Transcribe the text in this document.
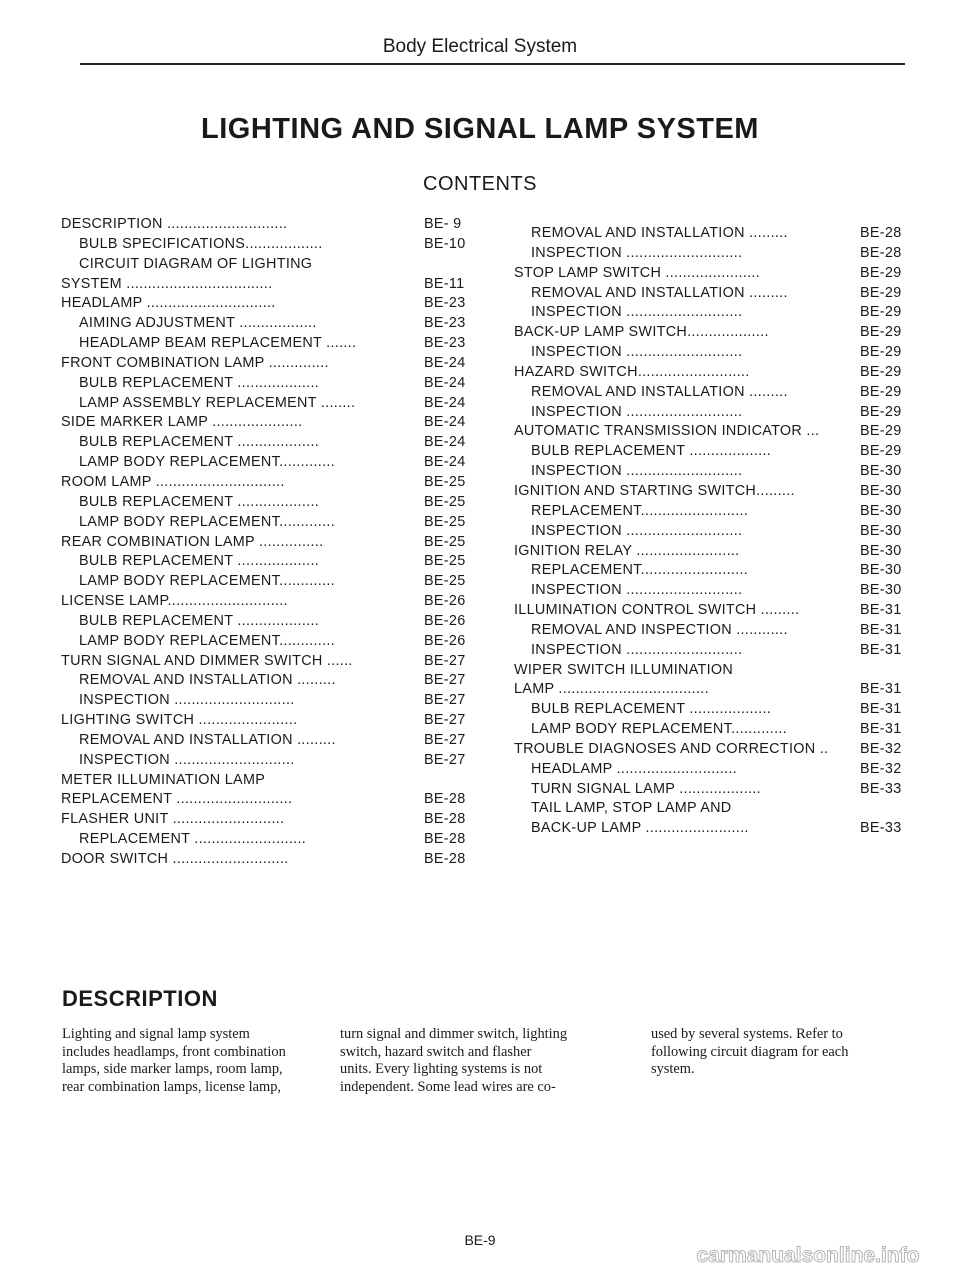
Body Electrical System
LIGHTING AND SIGNAL LAMP SYSTEM
CONTENTS
DESCRIPTION ............................	BE- 9
BULB SPECIFICATIONS..................	BE-10
CIRCUIT DIAGRAM OF LIGHTING
SYSTEM ..................................	BE-11
HEADLAMP ..............................	BE-23
AIMING ADJUSTMENT ..................	BE-23
HEADLAMP BEAM REPLACEMENT .......	BE-23
FRONT COMBINATION LAMP ..............	BE-24
BULB REPLACEMENT ...................	BE-24
LAMP ASSEMBLY REPLACEMENT ........	BE-24
SIDE MARKER LAMP .....................	BE-24
BULB REPLACEMENT ...................	BE-24
LAMP BODY REPLACEMENT.............	BE-24
ROOM LAMP ..............................	BE-25
BULB REPLACEMENT ...................	BE-25
LAMP BODY REPLACEMENT.............	BE-25
REAR COMBINATION LAMP ...............	BE-25
BULB REPLACEMENT ...................	BE-25
LAMP BODY REPLACEMENT.............	BE-25
LICENSE LAMP............................	BE-26
BULB REPLACEMENT ...................	BE-26
LAMP BODY REPLACEMENT.............	BE-26
TURN SIGNAL AND DIMMER SWITCH ......	BE-27
REMOVAL AND INSTALLATION .........	BE-27
INSPECTION ............................	BE-27
LIGHTING SWITCH .......................	BE-27
REMOVAL AND INSTALLATION .........	BE-27
INSPECTION ............................	BE-27
METER ILLUMINATION LAMP
REPLACEMENT ...........................	BE-28
FLASHER UNIT ..........................	BE-28
REPLACEMENT ..........................	BE-28
DOOR SWITCH ...........................	BE-28
REMOVAL AND INSTALLATION .........	BE-28
INSPECTION ...........................	BE-28
STOP LAMP SWITCH ......................	BE-29
REMOVAL AND INSTALLATION .........	BE-29
INSPECTION ...........................	BE-29
BACK-UP LAMP SWITCH...................	BE-29
INSPECTION ...........................	BE-29
HAZARD SWITCH..........................	BE-29
REMOVAL AND INSTALLATION .........	BE-29
INSPECTION ...........................	BE-29
AUTOMATIC TRANSMISSION INDICATOR ...	BE-29
BULB REPLACEMENT ...................	BE-29
INSPECTION ...........................	BE-30
IGNITION AND STARTING SWITCH.........	BE-30
REPLACEMENT.........................	BE-30
INSPECTION ...........................	BE-30
IGNITION RELAY ........................	BE-30
REPLACEMENT.........................	BE-30
INSPECTION ...........................	BE-30
ILLUMINATION CONTROL SWITCH .........	BE-31
REMOVAL AND INSPECTION ............	BE-31
INSPECTION ...........................	BE-31
WIPER SWITCH ILLUMINATION
LAMP ...................................	BE-31
BULB REPLACEMENT ...................	BE-31
LAMP BODY REPLACEMENT.............	BE-31
TROUBLE DIAGNOSES AND CORRECTION .. BE-32
HEADLAMP ............................	BE-32
TURN SIGNAL LAMP ...................	BE-33
TAIL LAMP, STOP LAMP AND
BACK-UP LAMP ........................	BE-33
DESCRIPTION
Lighting and signal lamp system
includes headlamps, front combination
lamps, side marker lamps, room lamp,
rear combination lamps, license lamp,
turn signal and dimmer switch, lighting
switch, hazard switch and flasher
units. Every lighting systems is not
independent. Some lead wires are co-
used by several systems. Refer to
following circuit diagram for each
system.
BE-9
carmanualsonline.info
